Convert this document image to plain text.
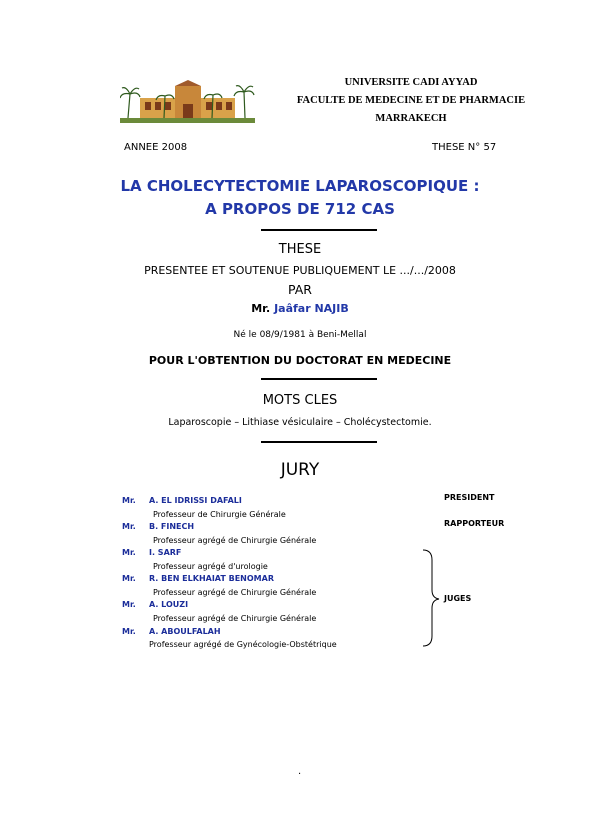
UNIVERSITE CADI AYYAD
FACULTE DE MEDECINE ET DE PHARMACIE
MARRAKECH
ANNEE 2008	THESE N° 57
LA CHOLECYTECTOMIE LAPAROSCOPIQUE :
A PROPOS DE 712 CAS
THESE
PRESENTEE ET SOUTENUE PUBLIQUEMENT LE .../.../2008
PAR
Mr. Jaâfar NAJIB
Né le 08/9/1981 à Beni-Mellal
POUR L'OBTENTION DU DOCTORAT EN MEDECINE
MOTS CLES
Laparoscopie – Lithiase vésiculaire – Cholécystectomie.
JURY
Mr. A. EL IDRISSI DAFALI
Professeur de Chirurgie Générale
Mr. B. FINECH
Professeur agrégé de Chirurgie Générale
Mr. I. SARF
Professeur agrégé d'urologie
Mr. R. BEN ELKHAIAT BENOMAR
Professeur agrégé de Chirurgie Générale
Mr. A. LOUZI
Professeur agrégé de Chirurgie Générale
Mr. A. ABOULFALAH
Professeur agrégé de Gynécologie-Obstétrique
PRESIDENT
RAPPORTEUR
JUGES
.
